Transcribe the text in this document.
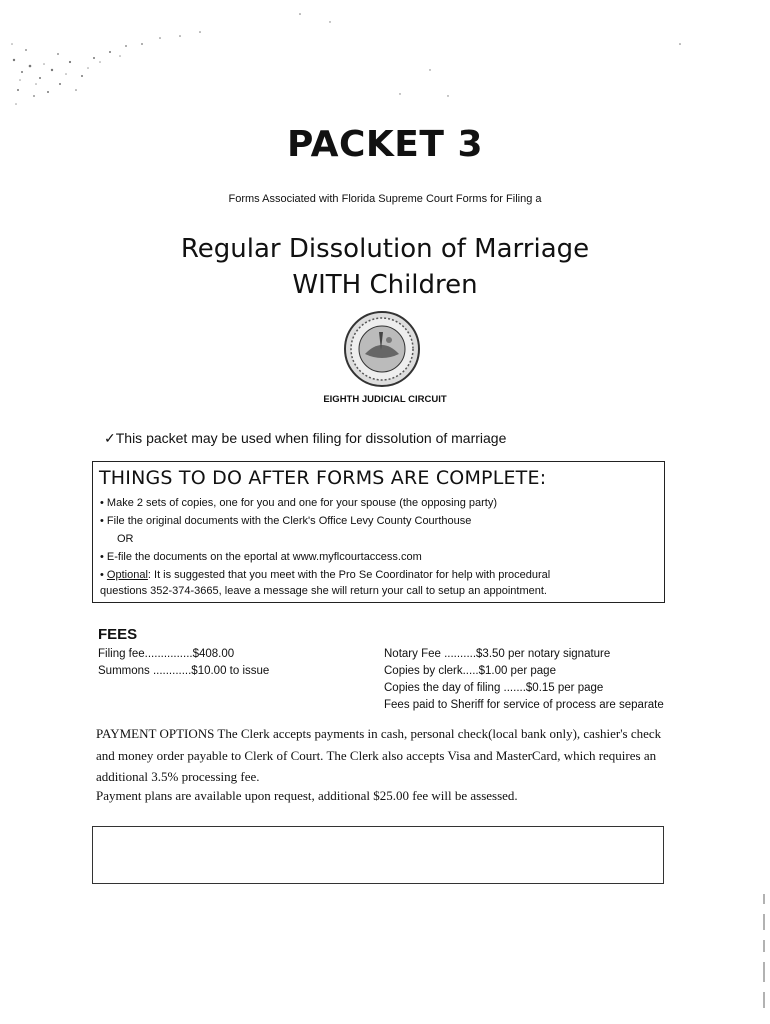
PACKET 3
Forms Associated with Florida Supreme Court Forms for Filing a
Regular Dissolution of Marriage
WITH Children
EIGHTH JUDICIAL CIRCUIT
✓This packet may be used when filing for dissolution of marriage
THINGS TO DO AFTER FORMS ARE COMPLETE:
• Make 2 sets of copies, one for you and one for your spouse (the opposing party)
• File the original documents with the Clerk's Office Levy County Courthouse
OR
• E-file the documents on the eportal at www.myflcourtaccess.com
• Optional: It is suggested that you meet with the Pro Se Coordinator for help with procedural
questions 352-374-3665, leave a message she will return your call to setup an appointment.
FEES
Filing fee...............$408.00
Summons ............$10.00 to issue
Notary Fee ..........$3.50 per notary signature
Copies by clerk.....$1.00 per page
Copies the day of filing .......$0.15 per page
Fees paid to Sheriff for service of process are separate
PAYMENT OPTIONS The Clerk accepts payments in cash, personal check(local bank only), cashier's check
and money order payable to Clerk of Court. The Clerk also accepts Visa and MasterCard, which requires an
additional 3.5% processing fee.
Payment plans are available upon request, additional $25.00 fee will be assessed.
